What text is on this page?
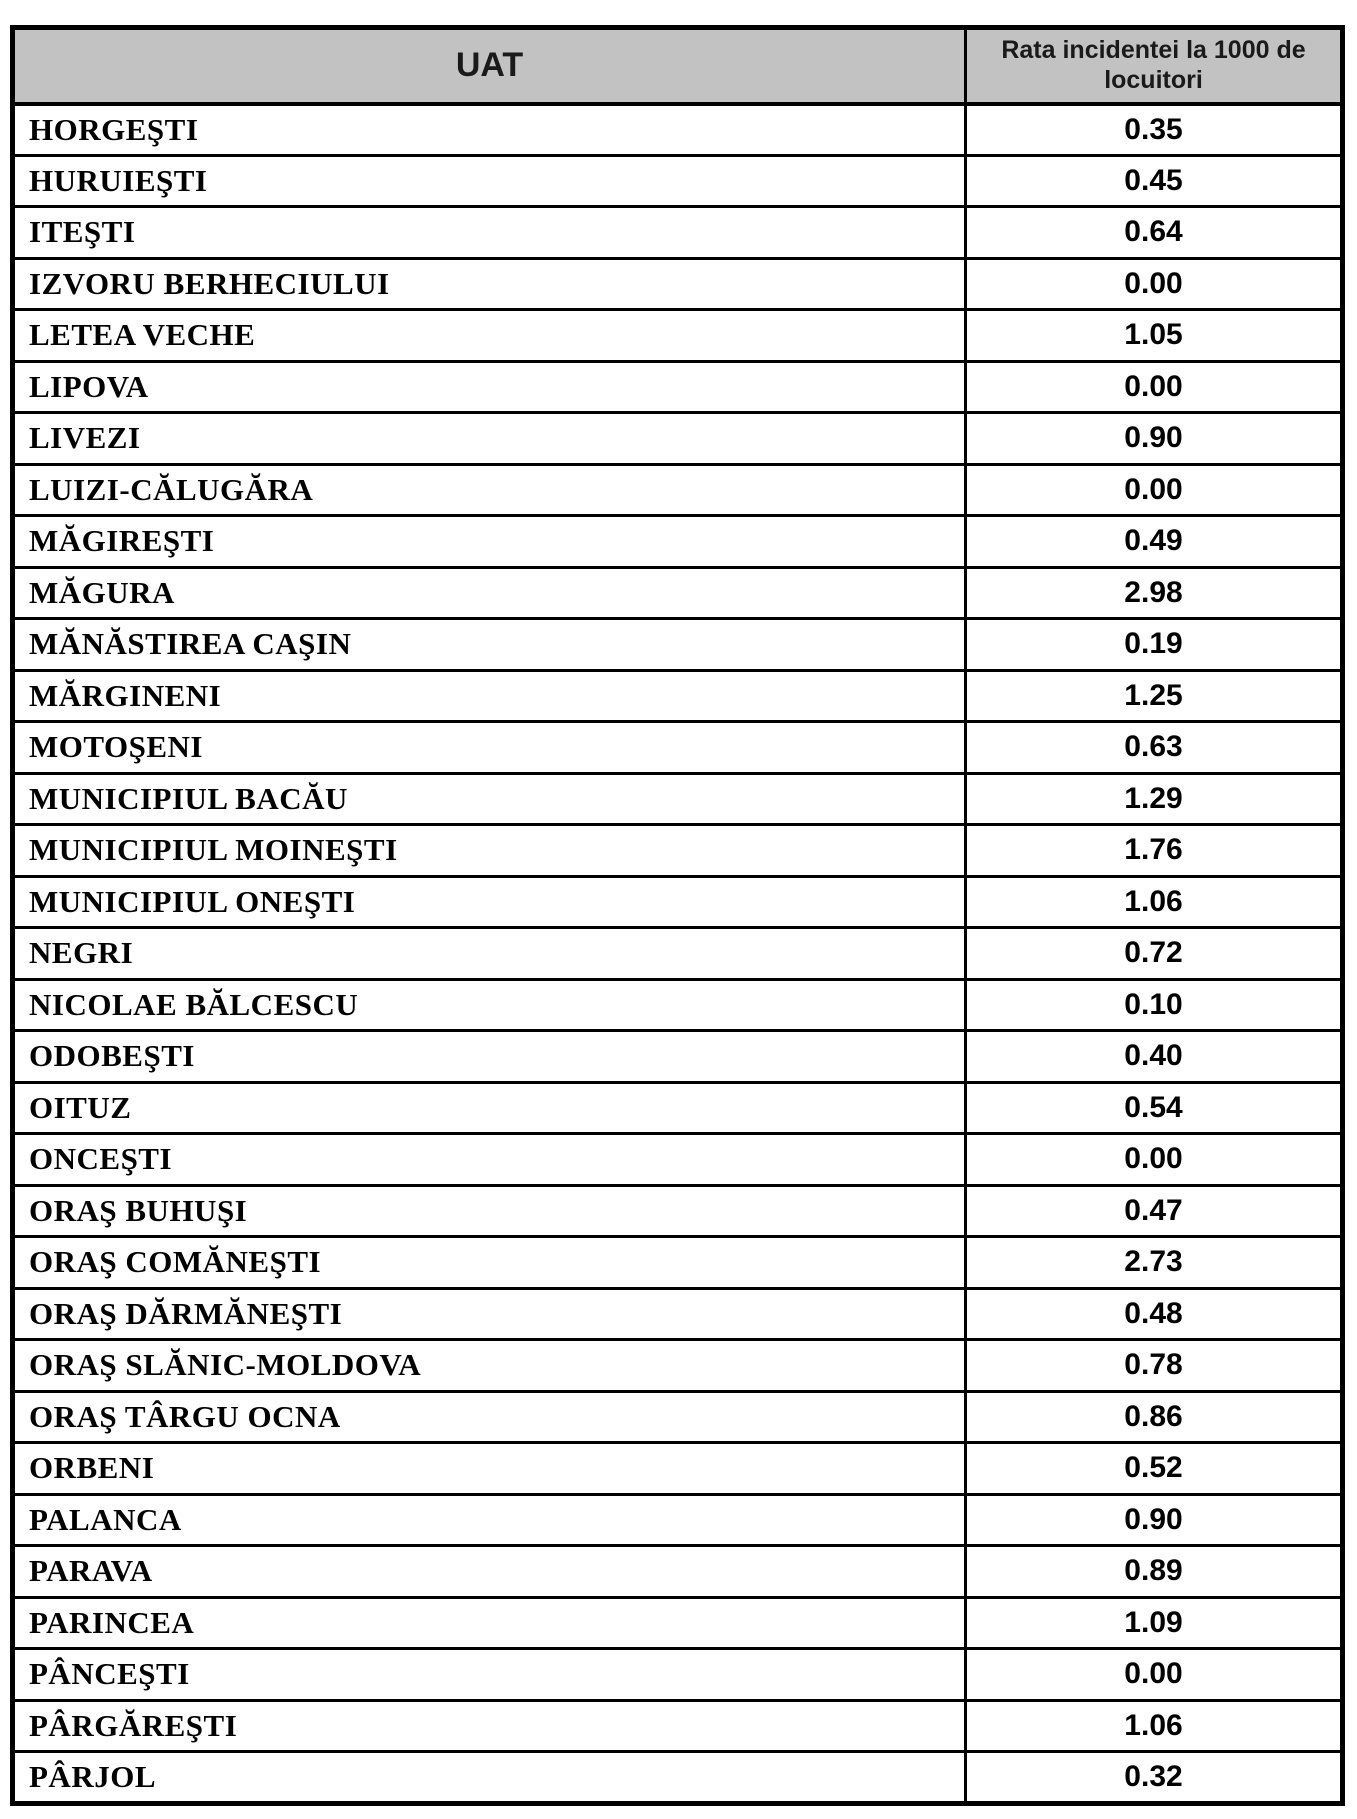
UAT	Rata incidentei la 1000 de locuitori
HORGEŞTI	0.35
HURUIEŞTI	0.45
ITEŞTI	0.64
IZVORU BERHECIULUI	0.00
LETEA VECHE	1.05
LIPOVA	0.00
LIVEZI	0.90
LUIZI-CĂLUGĂRA	0.00
MĂGIREŞTI	0.49
MĂGURA	2.98
MĂNĂSTIREA CAŞIN	0.19
MĂRGINENI	1.25
MOTOŞENI	0.63
MUNICIPIUL BACĂU	1.29
MUNICIPIUL MOINEŞTI	1.76
MUNICIPIUL ONEŞTI	1.06
NEGRI	0.72
NICOLAE BĂLCESCU	0.10
ODOBEŞTI	0.40
OITUZ	0.54
ONCEŞTI	0.00
ORAŞ BUHUŞI	0.47
ORAŞ COMĂNEŞTI	2.73
ORAŞ DĂRMĂNEŞTI	0.48
ORAŞ SLĂNIC-MOLDOVA	0.78
ORAŞ TÂRGU OCNA	0.86
ORBENI	0.52
PALANCA	0.90
PARAVA	0.89
PARINCEA	1.09
PÂNCEŞTI	0.00
PÂRGĂREŞTI	1.06
PÂRJOL	0.32
